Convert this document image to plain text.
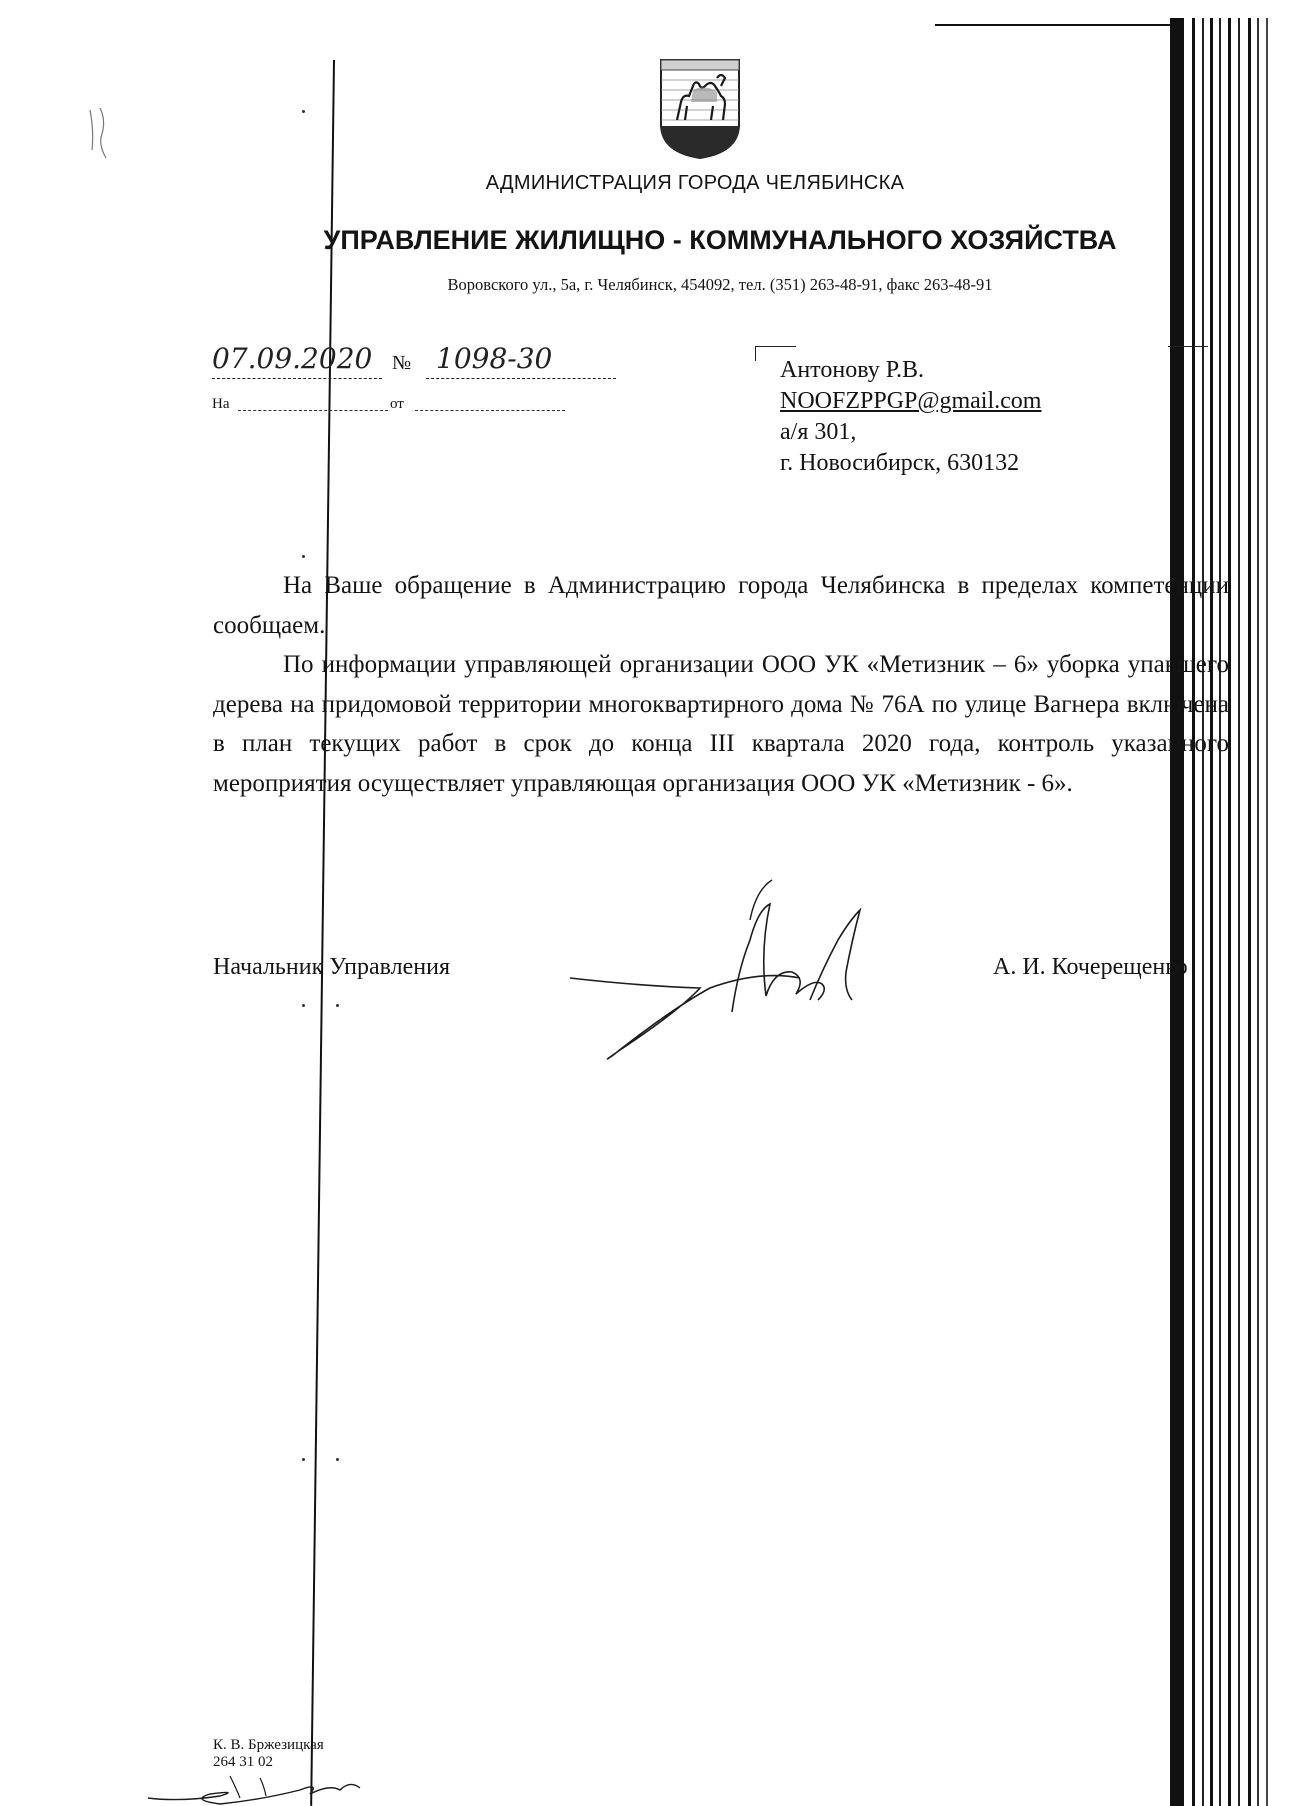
АДМИНИСТРАЦИЯ ГОРОДА ЧЕЛЯБИНСКА
УПРАВЛЕНИЕ ЖИЛИЩНО - КОММУНАЛЬНОГО ХОЗЯЙСТВА
Воровского ул., 5а, г. Челябинск, 454092, тел. (351) 263-48-91, факс 263-48-91
07.09.2020 № 1098-30
На	от
Антонову Р.В.
NOOFZPPGP@gmail.com
а/я 301,
г. Новосибирск, 630132

На Ваше обращение в Администрацию города Челябинска в пределах компетенции сообщаем.

По информации управляющей организации ООО УК «Метизник – 6» уборка упавшего дерева на придомовой территории многоквартирного дома № 76А по улице Вагнера включена в план текущих работ в срок до конца III квартала 2020 года, контроль указанного мероприятия осуществляет управляющая организация ООО УК «Метизник - 6».

Начальник Управления	А. И. Кочерещенко
К. В. Бржезицкая
264 31 02
